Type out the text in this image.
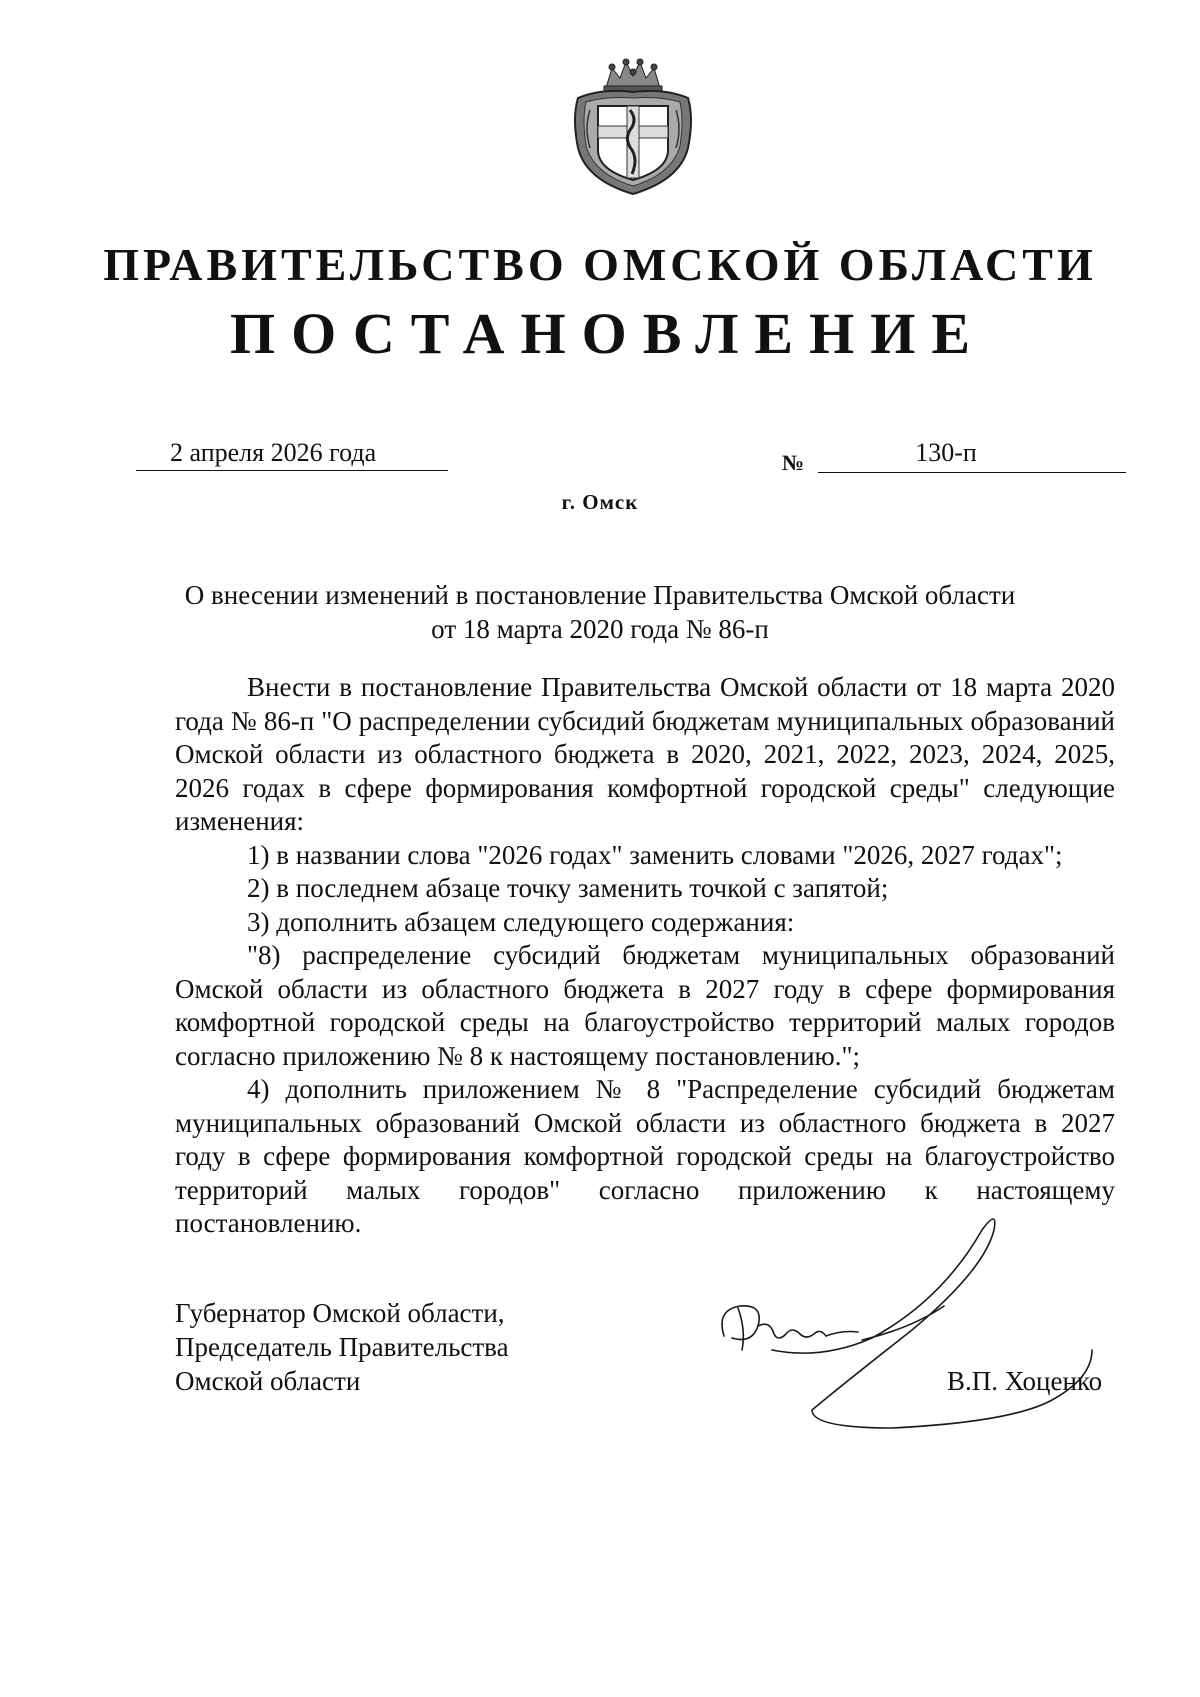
ПРАВИТЕЛЬСТВО ОМСКОЙ ОБЛАСТИ
ПОСТАНОВЛЕНИЕ
2 апреля 2026 года	№	130-п
г. Омск
О внесении изменений в постановление Правительства Омской области
от 18 марта 2020 года № 86-п

Внести в постановление Правительства Омской области от 18 марта 2020 года № 86-п "О распределении субсидий бюджетам муниципальных образований Омской области из областного бюджета в 2020, 2021, 2022, 2023, 2024, 2025, 2026 годах в сфере формирования комфортной городской среды" следующие изменения:

1) в названии слова "2026 годах" заменить словами "2026, 2027 годах";

2) в последнем абзаце точку заменить точкой с запятой;

3) дополнить абзацем следующего содержания:

"8) распределение субсидий бюджетам муниципальных образований Омской области из областного бюджета в 2027 году в сфере формирования комфортной городской среды на благоустройство территорий малых городов согласно приложению № 8 к настоящему постановлению.";

4) дополнить приложением № 8 "Распределение субсидий бюджетам муниципальных образований Омской области из областного бюджета в 2027 году в сфере формирования комфортной городской среды на благоустройство территорий малых городов" согласно приложению к настоящему постановлению.

Губернатор Омской области,
Председатель Правительства
Омской области	В.П. Хоценко
